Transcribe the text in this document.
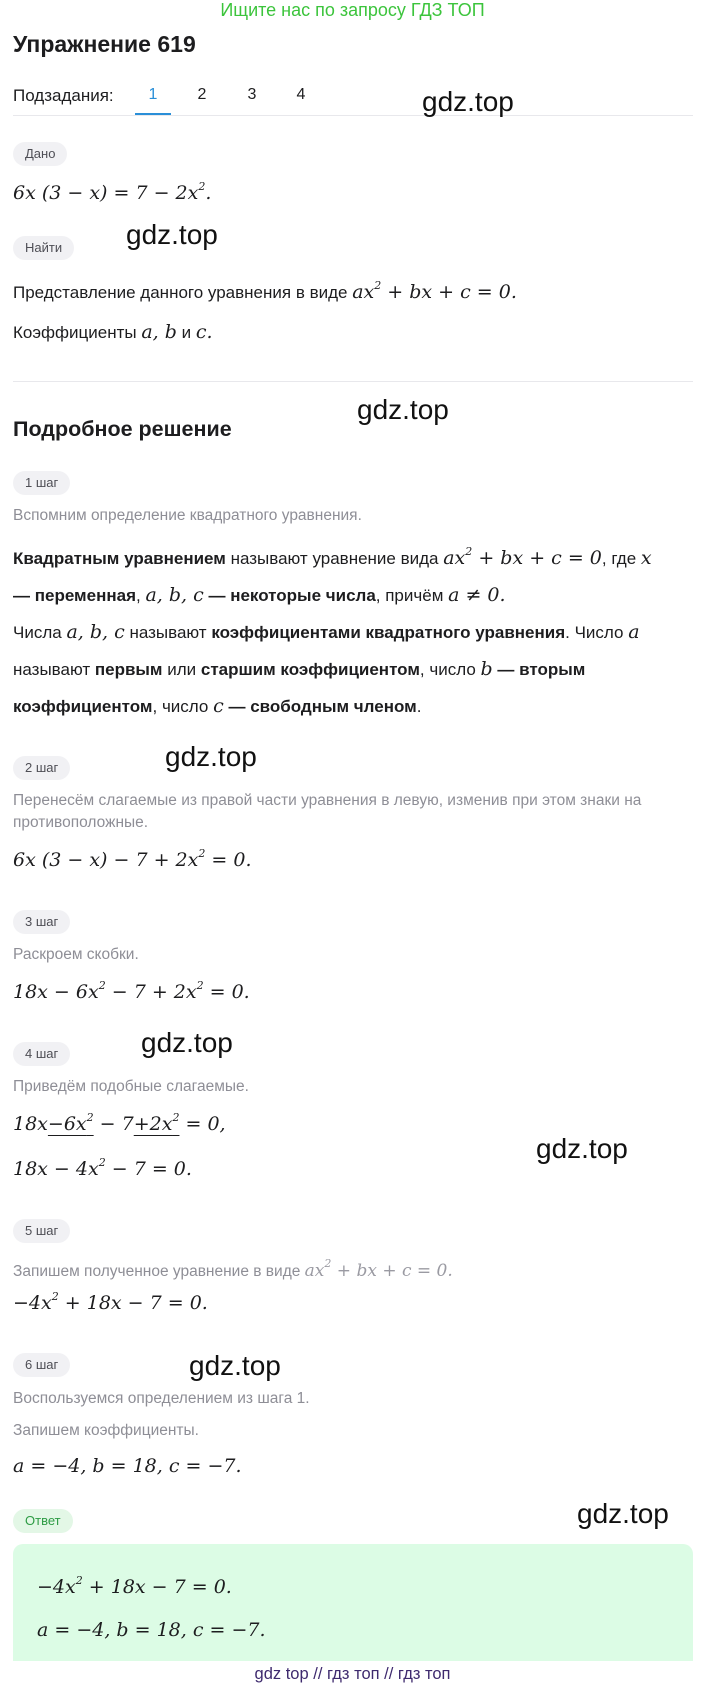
Ищите нас по запросу ГДЗ ТОП
Упражнение 619
Подзадания:	1	2	3	4
Дано
6x $(3 - x) = 7 - 2x^2$.
Найти
Представление данного уравнения в виде $ax^2$ + bx + c = 0.
Коэффициенты a, b и c.
Подробное решение
1 шаг
Вспомним определение квадратного уравнения.
Квадратным уравнением называют уравнение вида $ax^2$ + bx + c = 0, где x
— переменная, a, b, c — некоторые числа, причём a ≠ 0.
Числа a, b, c называют коэффициентами квадратного уравнения. Число a
называют первым или старшим коэффициентом, число b — вторым
коэффициентом, число c — свободным членом.
2 шаг
Перенесём слагаемые из правой части уравнения в левую, изменив при этом знаки на противоположные.
6x $(3 - x) - 7 + 2x^2 = 0$.
3 шаг
Раскроем скобки.
$18x - 6x^2 - 7 + 2x^2 = 0$.
4 шаг
Приведём подобные слагаемые.
$18x-6x^2 - 7+2x^2 = 0$,
$18x - 4x^2 - 7 = 0$.
5 шаг
Запишем полученное уравнение в виде $ax^2$ + bx + c = 0.
$-4x^2 + 18x - 7 = 0$.
6 шаг
Воспользуемся определением из шага 1.
Запишем коэффициенты.
a = −4, b = 18, c = −7.
Ответ
$-4x^2 + 18x - 7 = 0$.
a = −4, b = 18, c = −7.
gdz.top
gdz.top
gdz.top
gdz.top
gdz.top
gdz.top
gdz.top
gdz.top
gdz top // гдз топ // гдз топ
